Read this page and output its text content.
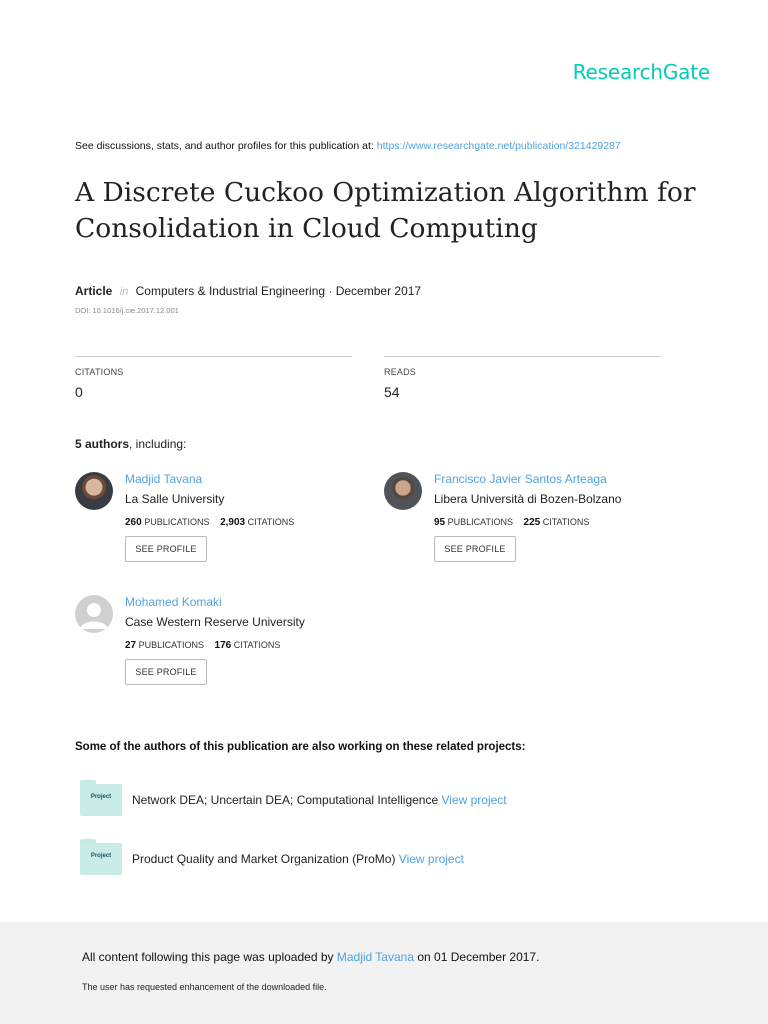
ResearchGate
See discussions, stats, and author profiles for this publication at: https://www.researchgate.net/publication/321429287
A Discrete Cuckoo Optimization Algorithm for Consolidation in Cloud Computing
Article in Computers & Industrial Engineering · December 2017
DOI: 10.1016/j.cie.2017.12.001
CITATIONS
0
READS
54
5 authors, including:
Madjid Tavana
La Salle University
260 PUBLICATIONS 2,903 CITATIONS
SEE PROFILE
Francisco Javier Santos Arteaga
Libera Università di Bozen-Bolzano
95 PUBLICATIONS 225 CITATIONS
SEE PROFILE
Mohamed Komaki
Case Western Reserve University
27 PUBLICATIONS 176 CITATIONS
SEE PROFILE
Some of the authors of this publication are also working on these related projects:
Project	Network DEA; Uncertain DEA; Computational Intelligence View project
Project	Product Quality and Market Organization (ProMo) View project
All content following this page was uploaded by Madjid Tavana on 01 December 2017.
The user has requested enhancement of the downloaded file.
